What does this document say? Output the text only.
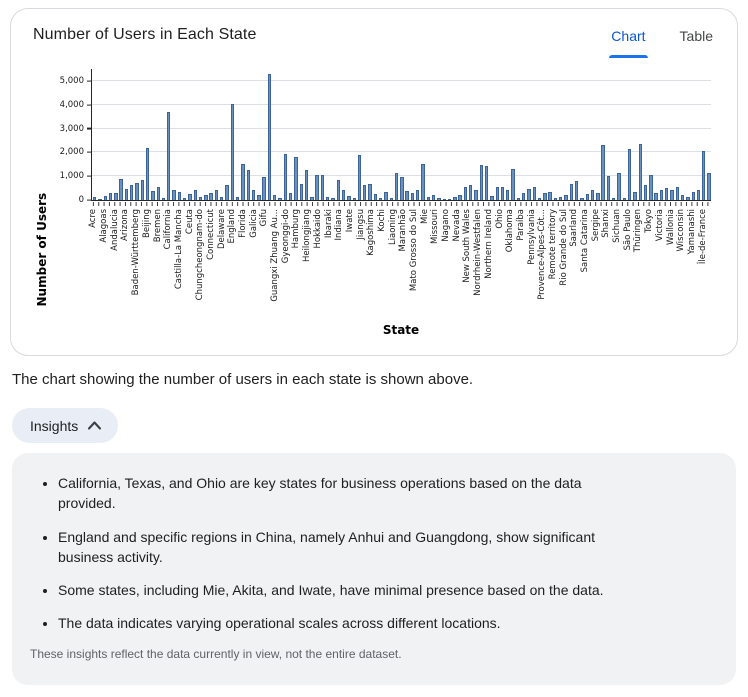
Number of Users in Each State	Chart Table
Number of Users	0
1,000
2,000
3,000
4,000
5,000
Acre Alagoas Andalucia Arizona Baden-Württemberg Beijing Bremen California Castilla-La Mancha Ceuta Chungcheongnam-do Connecticut Delaware England Florida Galicia Gifu Guangxi Zhuang Au... Gyeonggi-do Hamburg Heilongjiang Hokkaido Ibaraki Indiana Iwate Jiangsu Kagoshima Kochi Liaoning Maranhão Mato Grosso do Sul Mie Missouri Nagano Nevada New South Wales Nordrhein-Westfalen Northern Ireland Ohio Oklahoma Paraíba Pennsylvania Provence-Alpes-Côt... Remote territory Rio Grande do Sul Saarland Santa Catarina Sergipe Shanxi Sichuan São Paulo Thüringen Tokyo Victoria Wallonia Wisconsin Yamanashi Île-de-France
State
The chart showing the number of users in each state is shown above.
Insights
• California, Texas, and Ohio are key states for business operations based on the data provided.
• England and specific regions in China, namely Anhui and Guangdong, show significant business activity.
• Some states, including Mie, Akita, and Iwate, have minimal presence based on the data.
• The data indicates varying operational scales across different locations.
These insights reflect the data currently in view, not the entire dataset.
